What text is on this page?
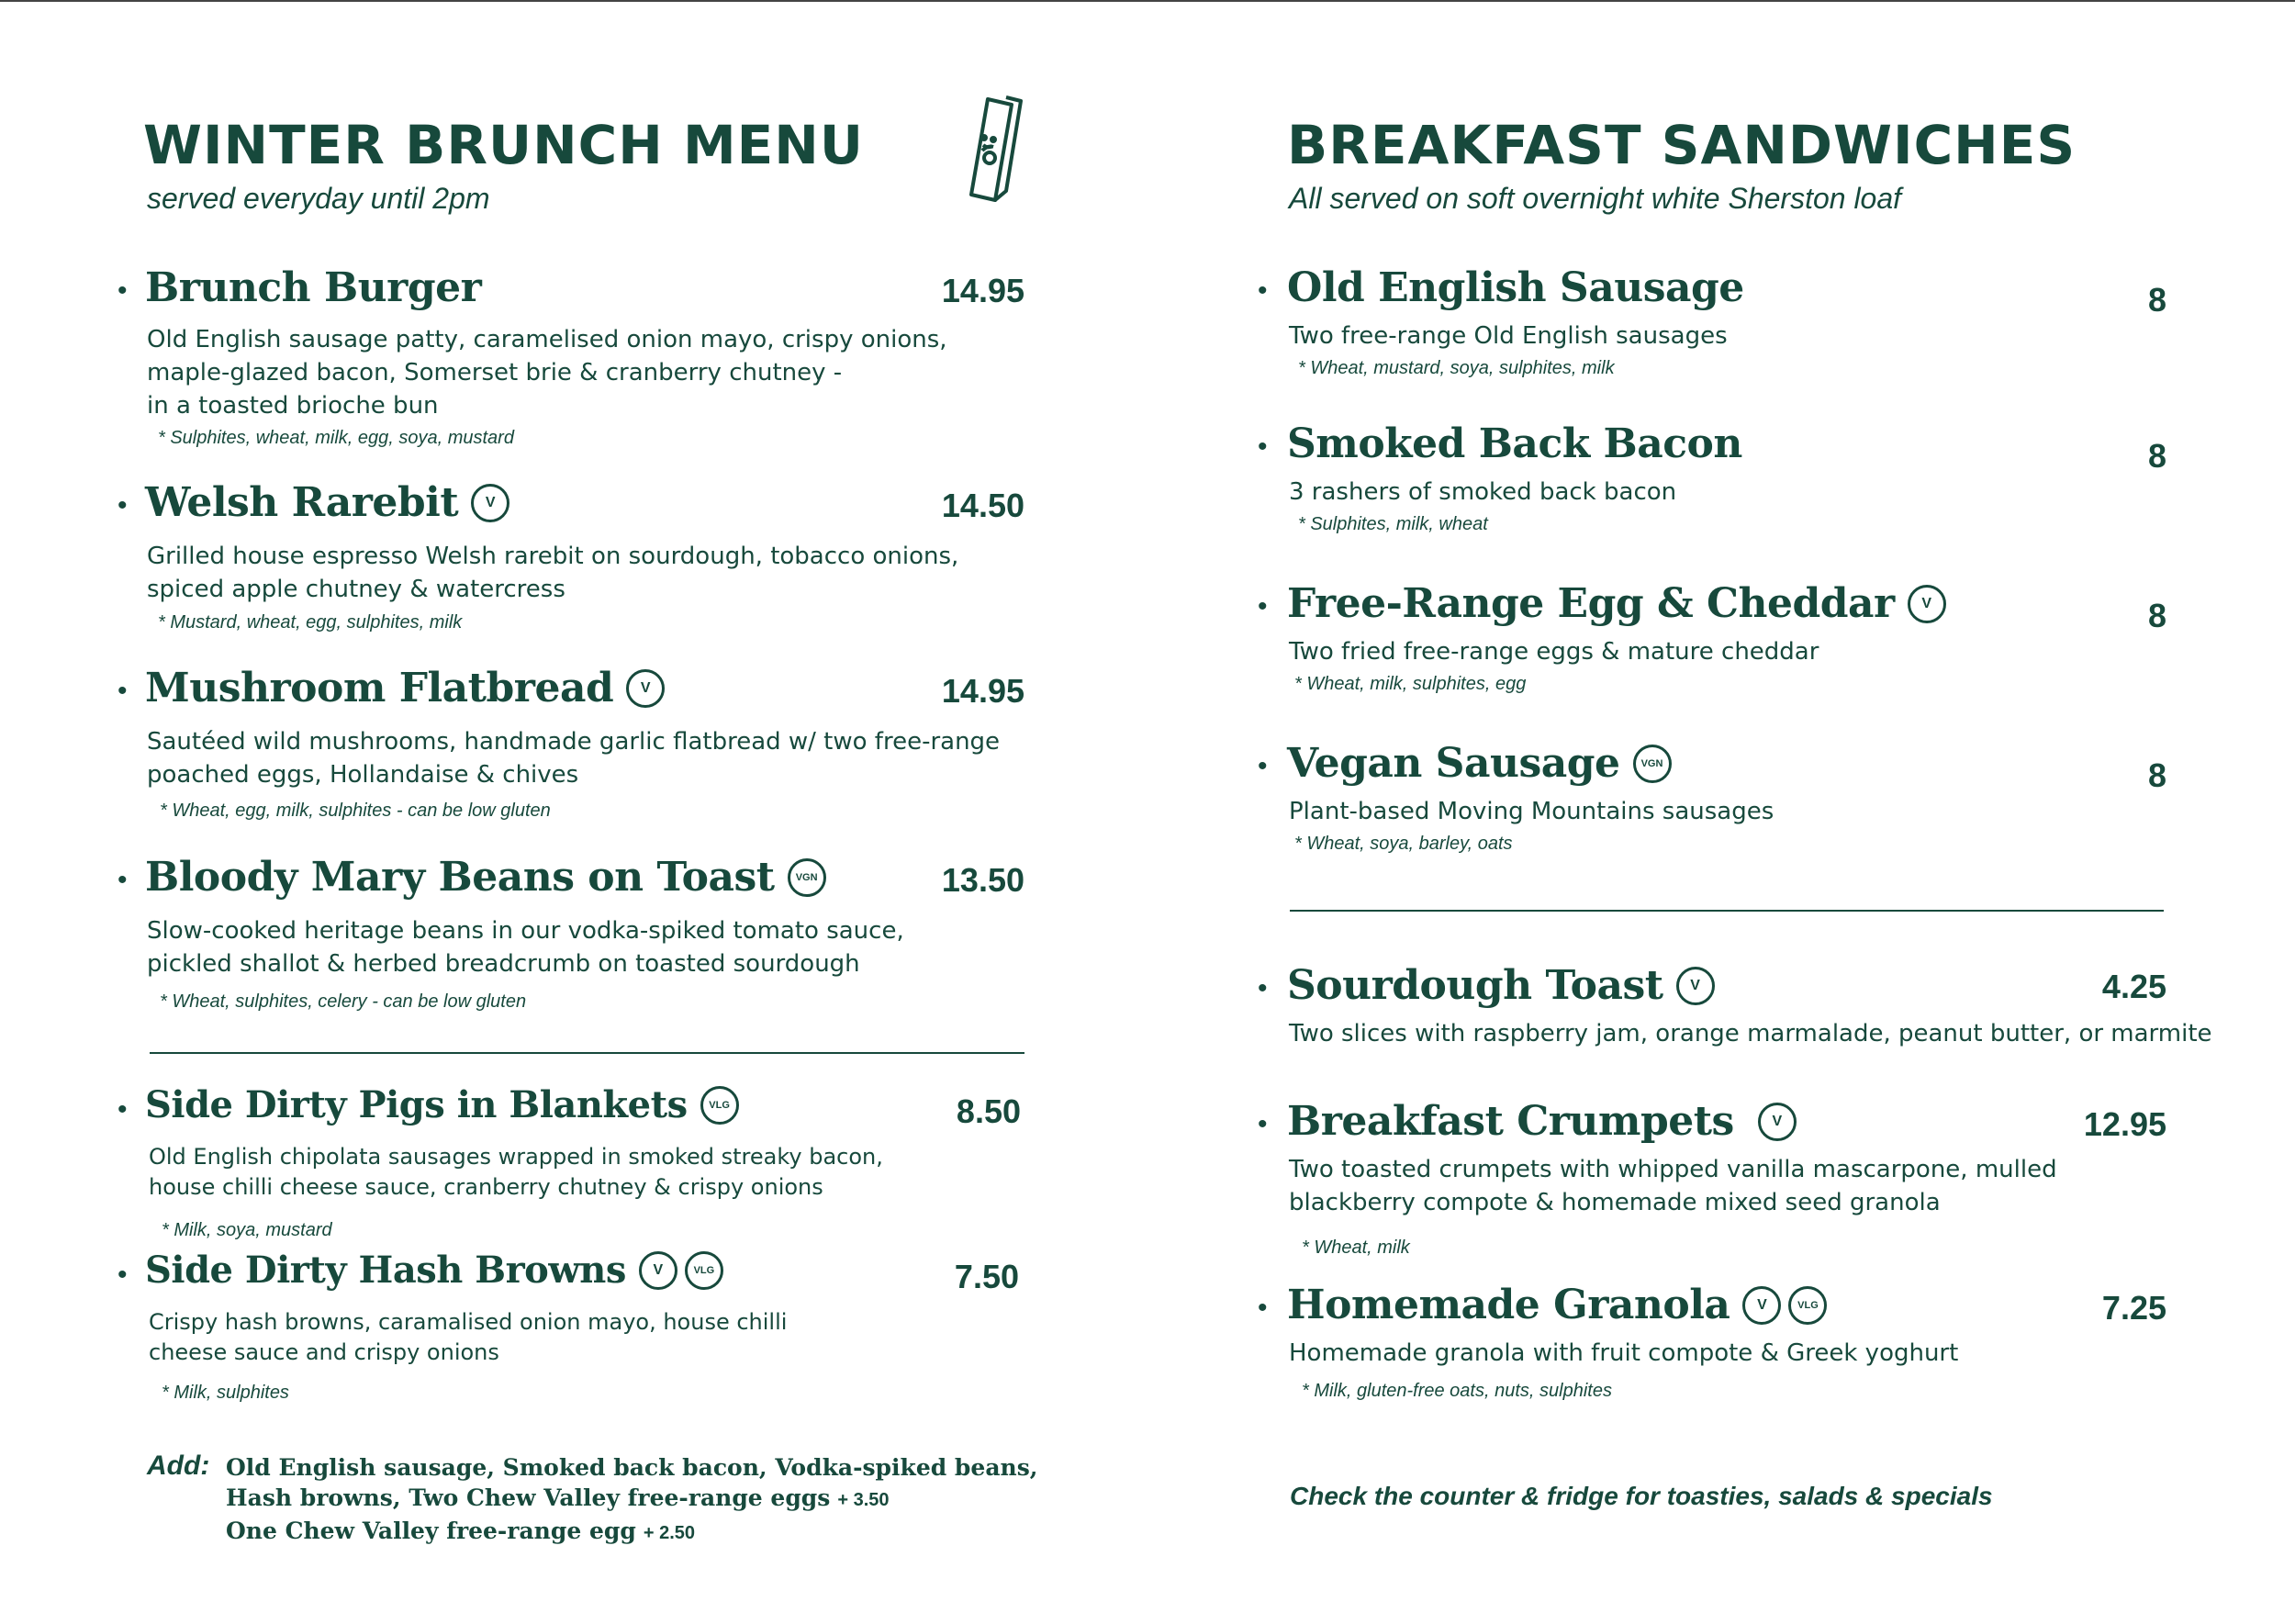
WINTER BRUNCH MENU
served everyday until 2pm
• Brunch Burger	14.95
Old English sausage patty, caramelised onion mayo, crispy onions,
maple-glazed bacon, Somerset brie & cranberry chutney -
in a toasted brioche bun
* Sulphites, wheat, milk, egg, soya, mustard
• Welsh Rarebit	V	14.50
Grilled house espresso Welsh rarebit on sourdough, tobacco onions,
spiced apple chutney & watercress
* Mustard, wheat, egg, sulphites, milk
• Mushroom Flatbread	V	14.95
Sautéed wild mushrooms, handmade garlic flatbread w/ two free-range
poached eggs, Hollandaise & chives
* Wheat, egg, milk, sulphites - can be low gluten
• Bloody Mary Beans on Toast	VGN	13.50
Slow-cooked heritage beans in our vodka-spiked tomato sauce,
pickled shallot & herbed breadcrumb on toasted sourdough
* Wheat, sulphites, celery - can be low gluten
• Side Dirty Pigs in Blankets	VLG	8.50
Old English chipolata sausages wrapped in smoked streaky bacon,
house chilli cheese sauce, cranberry chutney & crispy onions
* Milk, soya, mustard
• Side Dirty Hash Browns	V	VLG	7.50
Crispy hash browns, caramalised onion mayo, house chilli
cheese sauce and crispy onions
* Milk, sulphites
Add: Old English sausage, Smoked back bacon, Vodka-spiked beans,
Hash browns, Two Chew Valley free-range eggs + 3.50
One Chew Valley free-range egg + 2.50
BREAKFAST SANDWICHES
All served on soft overnight white Sherston loaf
• Old English Sausage	8
Two free-range Old English sausages
* Wheat, mustard, soya, sulphites, milk
• Smoked Back Bacon	8
3 rashers of smoked back bacon
* Sulphites, milk, wheat
• Free-Range Egg & Cheddar	V	8
Two fried free-range eggs & mature cheddar
* Wheat, milk, sulphites, egg
• Vegan Sausage	VGN	8
Plant-based Moving Mountains sausages
* Wheat, soya, barley, oats
• Sourdough Toast	V	4.25
Two slices with raspberry jam, orange marmalade, peanut butter, or marmite
• Breakfast Crumpets	V	12.95
Two toasted crumpets with whipped vanilla mascarpone, mulled
blackberry compote & homemade mixed seed granola
* Wheat, milk
• Homemade Granola	V	VLG	7.25
Homemade granola with fruit compote & Greek yoghurt
* Milk, gluten-free oats, nuts, sulphites
Check the counter & fridge for toasties, salads & specials
